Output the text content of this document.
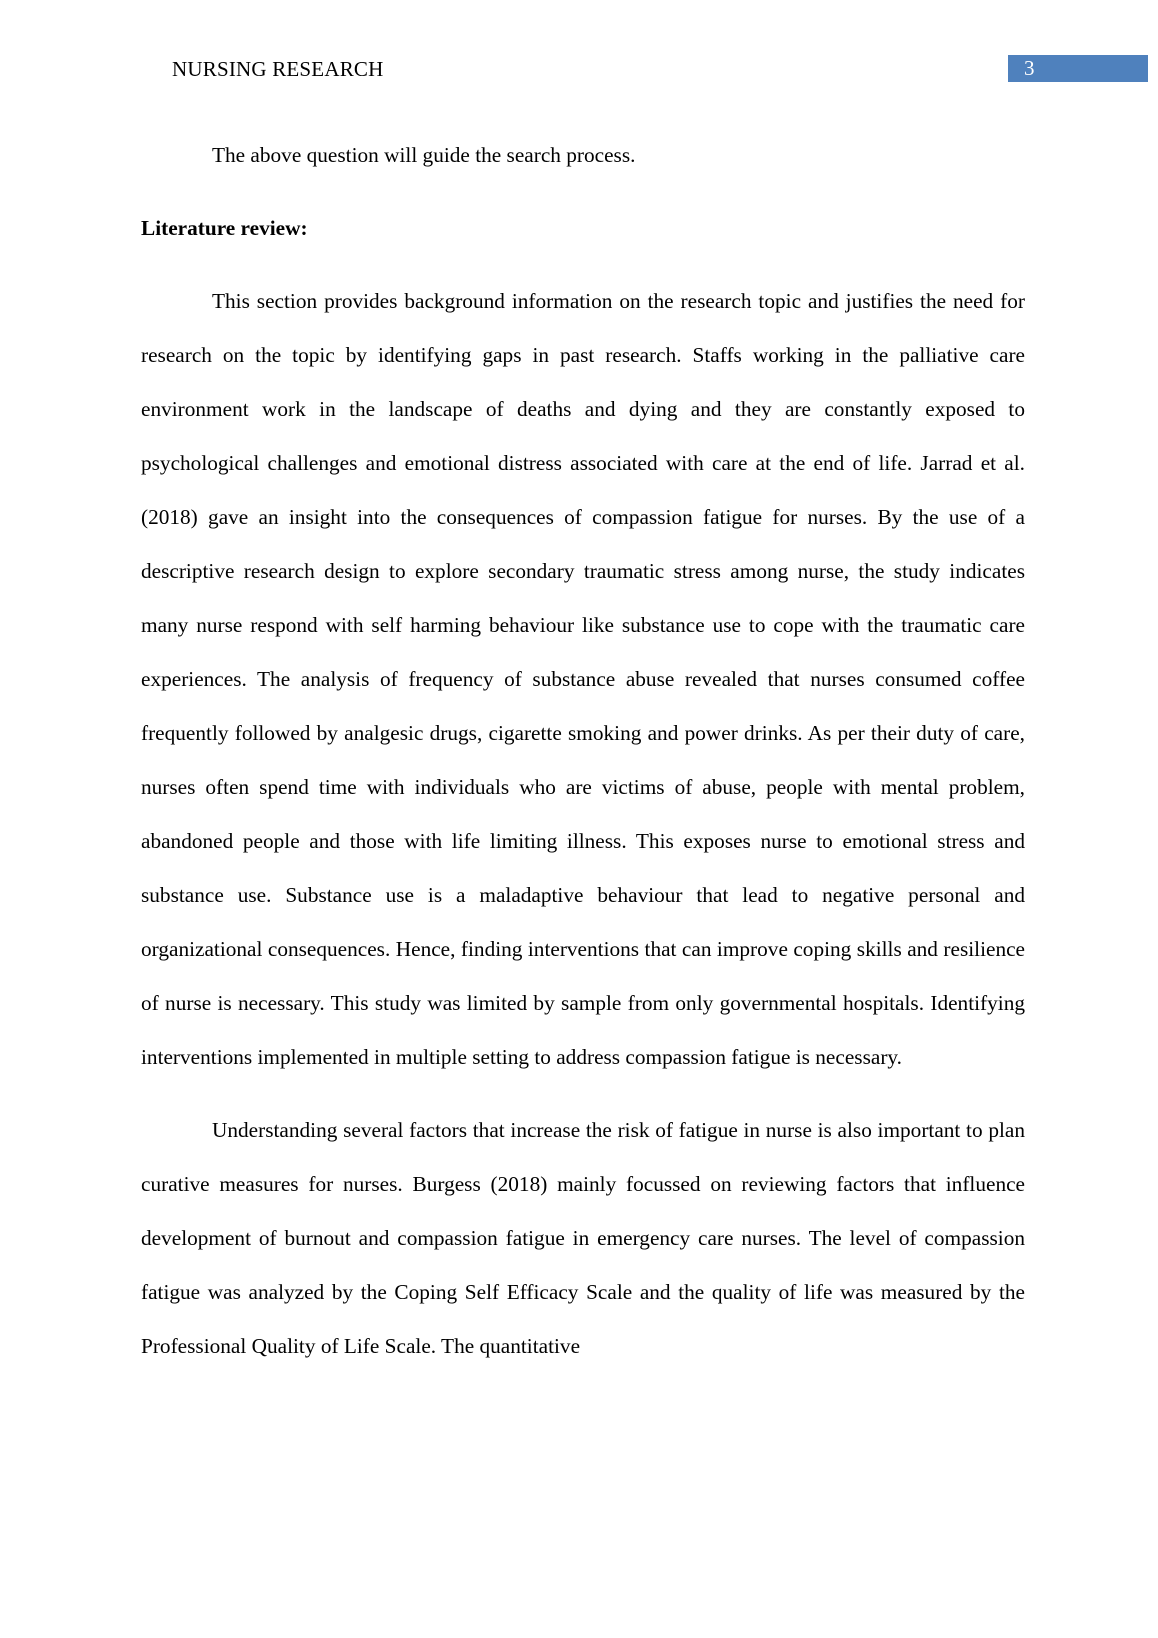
NURSING RESEARCH	3

The above question will guide the search process.

Literature review:

This section provides background information on the research topic and justifies the need for research on the topic by identifying gaps in past research. Staffs working in the palliative care environment work in the landscape of deaths and dying and they are constantly exposed to psychological challenges and emotional distress associated with care at the end of life. Jarrad et al. (2018) gave an insight into the consequences of compassion fatigue for nurses. By the use of a descriptive research design to explore secondary traumatic stress among nurse, the study indicates many nurse respond with self harming behaviour like substance use to cope with the traumatic care experiences. The analysis of frequency of substance abuse revealed that nurses consumed coffee frequently followed by analgesic drugs, cigarette smoking and power drinks. As per their duty of care, nurses often spend time with individuals who are victims of abuse, people with mental problem, abandoned people and those with life limiting illness. This exposes nurse to emotional stress and substance use. Substance use is a maladaptive behaviour that lead to negative personal and organizational consequences. Hence, finding interventions that can improve coping skills and resilience of nurse is necessary. This study was limited by sample from only governmental hospitals. Identifying interventions implemented in multiple setting to address compassion fatigue is necessary.

Understanding several factors that increase the risk of fatigue in nurse is also important to plan curative measures for nurses. Burgess (2018) mainly focussed on reviewing factors that influence development of burnout and compassion fatigue in emergency care nurses. The level of compassion fatigue was analyzed by the Coping Self Efficacy Scale and the quality of life was measured by the Professional Quality of Life Scale. The quantitative
